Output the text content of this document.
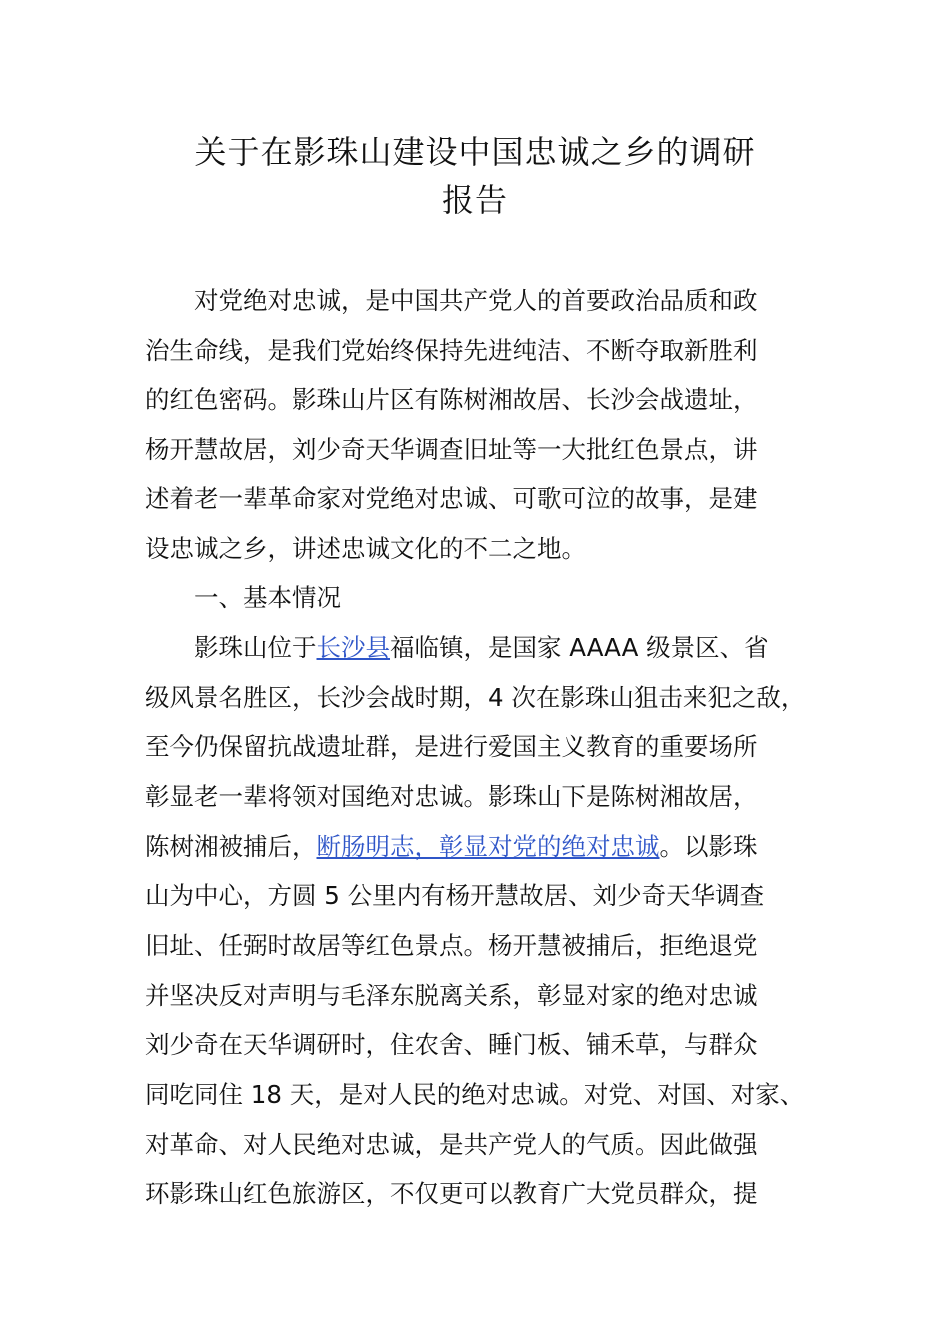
关于在影珠山建设中国忠诚之乡的调研
报告
对党绝对忠诚，是中国共产党人的首要政治品质和政
治生命线，是我们党始终保持先进纯洁、不断夺取新胜利
的红色密码。影珠山片区有陈树湘故居、长沙会战遗址，
杨开慧故居，刘少奇天华调查旧址等一大批红色景点，讲
述着老一辈革命家对党绝对忠诚、可歌可泣的故事，是建
设忠诚之乡，讲述忠诚文化的不二之地。
一、基本情况
影珠山位于长沙县福临镇，是国家 AAAA 级景区、省
级风景名胜区，长沙会战时期，4 次在影珠山狙击来犯之敌，
至今仍保留抗战遗址群，是进行爱国主义教育的重要场所
彰显老一辈将领对国绝对忠诚。影珠山下是陈树湘故居，
陈树湘被捕后，断肠明志，彰显对党的绝对忠诚。以影珠
山为中心，方圆 5 公里内有杨开慧故居、刘少奇天华调查
旧址、任弼时故居等红色景点。杨开慧被捕后，拒绝退党
并坚决反对声明与毛泽东脱离关系，彰显对家的绝对忠诚
刘少奇在天华调研时，住农舍、睡门板、铺禾草，与群众
同吃同住 18 天，是对人民的绝对忠诚。对党、对国、对家、
对革命、对人民绝对忠诚，是共产党人的气质。因此做强
环影珠山红色旅游区，不仅更可以教育广大党员群众，提
